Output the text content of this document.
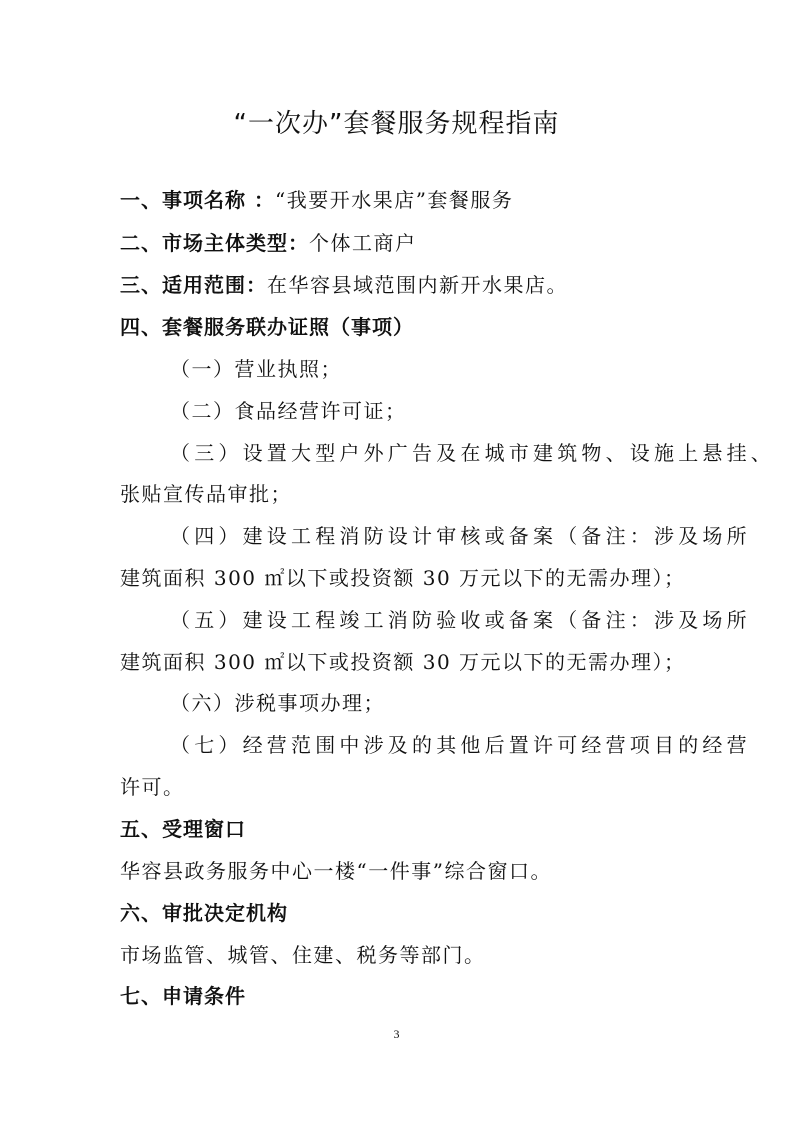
“一次办”套餐服务规程指南
一、事项名称 ：“我要开水果店”套餐服务
二、市场主体类型：个体工商户
三、适用范围：在华容县域范围内新开水果店。
四、套餐服务联办证照（事项）
（一）营业执照；
（二）食品经营许可证；
（三）设置大型户外广告及在城市建筑物、设施上悬挂、
张贴宣传品审批；
（四）建设工程消防设计审核或备案（备注：涉及场所
建筑面积 300 ㎡以下或投资额 30 万元以下的无需办理）；
（五）建设工程竣工消防验收或备案（备注：涉及场所
建筑面积 300 ㎡以下或投资额 30 万元以下的无需办理）；
（六）涉税事项办理；
（七）经营范围中涉及的其他后置许可经营项目的经营
许可。
五、受理窗口
华容县政务服务中心一楼“一件事”综合窗口。
六、审批决定机构
市场监管、城管、住建、税务等部门。
七、申请条件
3
